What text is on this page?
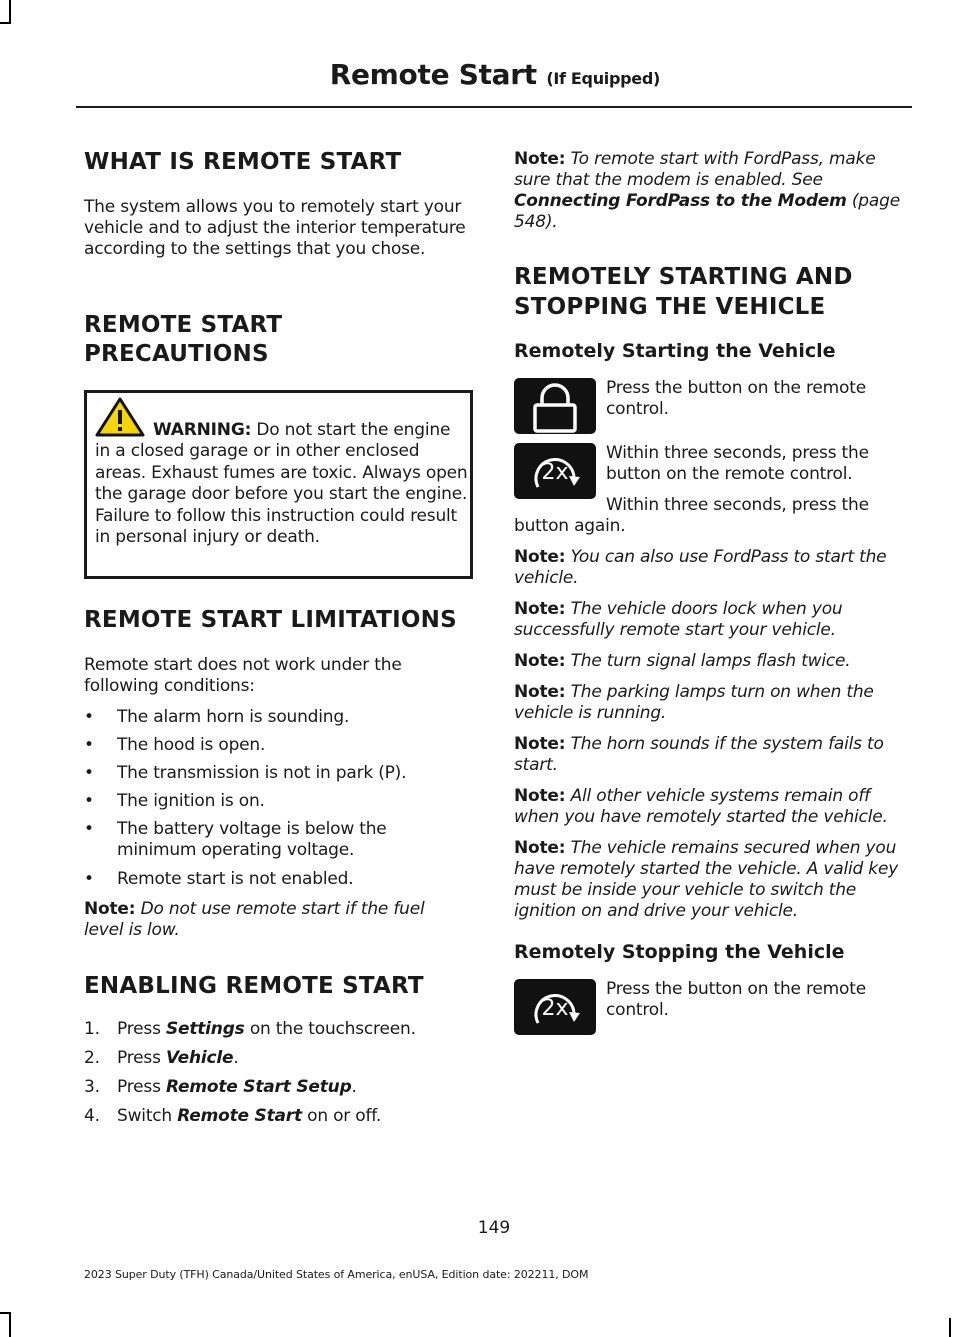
Remote Start (If Equipped)
WHAT IS REMOTE START
The system allows you to remotely start your vehicle and to adjust the interior temperature according to the settings that you chose.
REMOTE START
PRECAUTIONS
WARNING: Do not start the engine in a closed garage or in other enclosed areas. Exhaust fumes are toxic. Always open the garage door before you start the engine. Failure to follow this instruction could result in personal injury or death.
REMOTE START LIMITATIONS
Remote start does not work under the following conditions:
•	The alarm horn is sounding.
•	The hood is open.
•	The transmission is not in park (P).
•	The ignition is on.
•	The battery voltage is below the minimum operating voltage.
•	Remote start is not enabled.
Note: Do not use remote start if the fuel level is low.
ENABLING REMOTE START
1.	Press Settings on the touchscreen.
2.	Press Vehicle.
3.	Press Remote Start Setup.
4.	Switch Remote Start on or off.
Note: To remote start with FordPass, make sure that the modem is enabled. See Connecting FordPass to the Modem (page 548).
REMOTELY STARTING AND
STOPPING THE VEHICLE
Remotely Starting the Vehicle
Press the button on the remote control.
2x
Within three seconds, press the button on the remote control.
Within three seconds, press the button again.
Note: You can also use FordPass to start the vehicle.
Note: The vehicle doors lock when you successfully remote start your vehicle.
Note: The turn signal lamps flash twice.
Note: The parking lamps turn on when the vehicle is running.
Note: The horn sounds if the system fails to start.
Note: All other vehicle systems remain off when you have remotely started the vehicle.
Note: The vehicle remains secured when you have remotely started the vehicle. A valid key must be inside your vehicle to switch the ignition on and drive your vehicle.
Remotely Stopping the Vehicle
2x
Press the button on the remote control.
149
2023 Super Duty (TFH) Canada/United States of America, enUSA, Edition date: 202211, DOM
